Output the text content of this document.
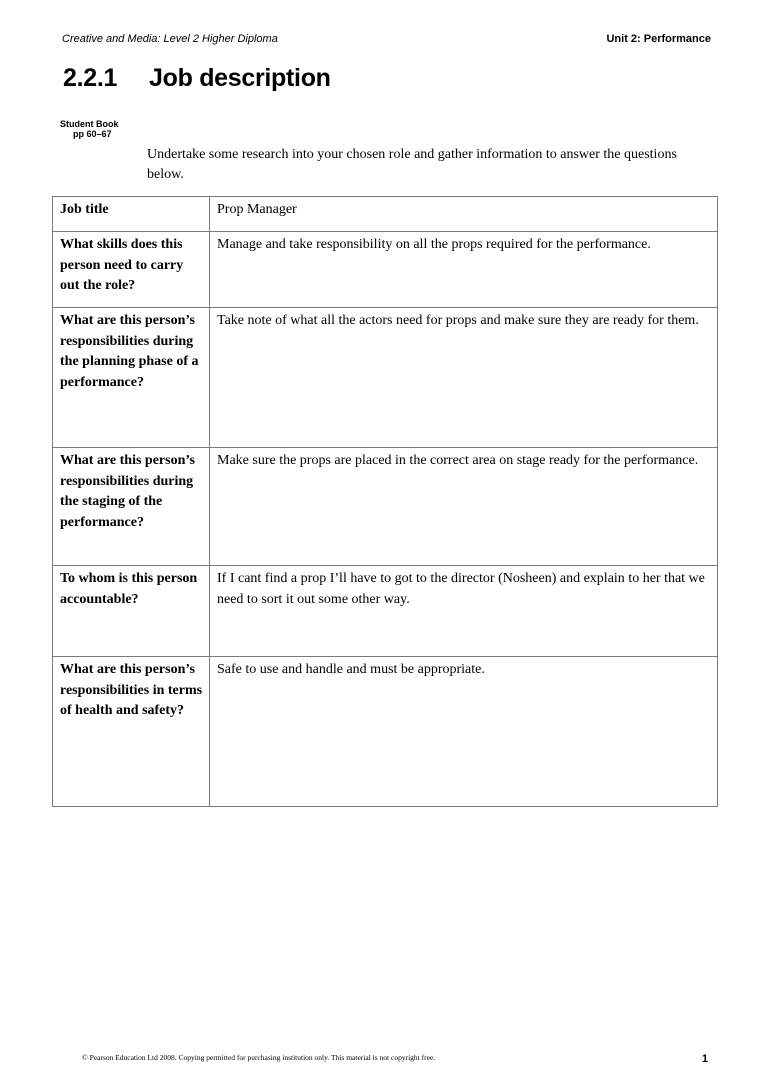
Creative and Media: Level 2 Higher Diploma	Unit 2: Performance
2.2.1 Job description
Student Book
pp 60–67
Undertake some research into your chosen role and gather information to answer the questions below.
Job title	Prop Manager
What skills does this person need to carry out the role?	Manage and take responsibility on all the props required for the performance.
What are this person’s responsibilities during the planning phase of a performance?	Take note of what all the actors need for props and make sure they are ready for them.
What are this person’s responsibilities during the staging of the performance?	Make sure the props are placed in the correct area on stage ready for the performance.
To whom is this person accountable?	If I cant find a prop I’ll have to got to the director (Nosheen) and explain to her that we need to sort it out some other way.
What are this person’s responsibilities in terms of health and safety?	Safe to use and handle and must be appropriate.
© Pearson Education Ltd 2008. Copying permitted for purchasing institution only. This material is not copyright free.	1
